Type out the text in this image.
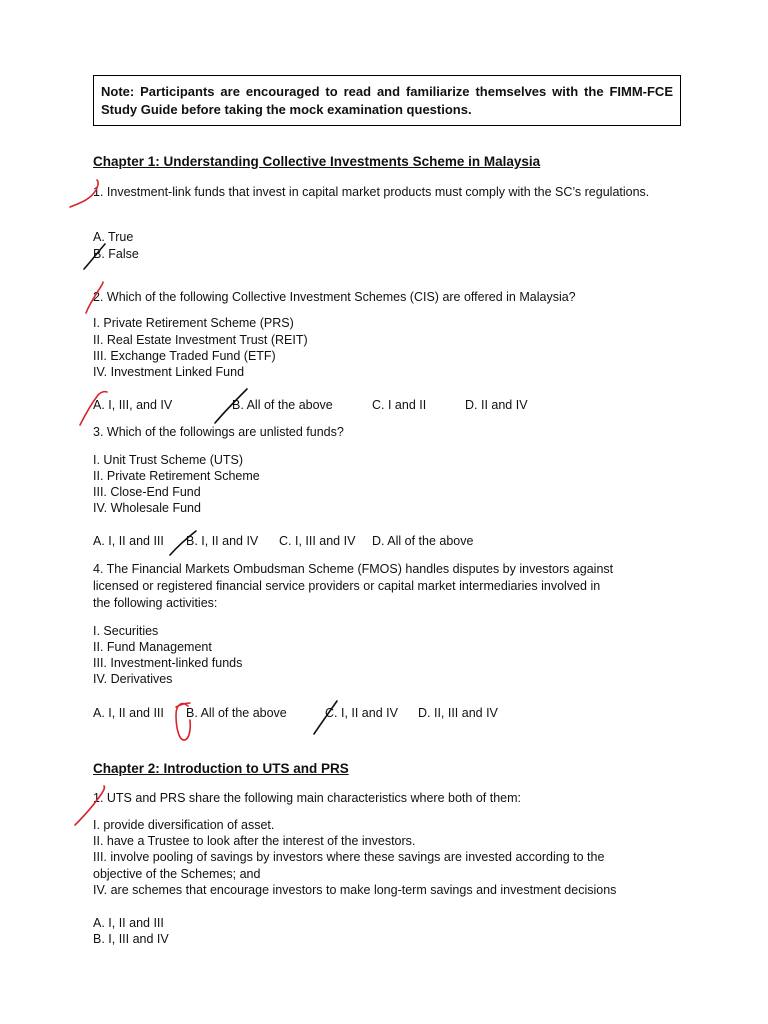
Note: Participants are encouraged to read and familiarize themselves with the FIMM-FCE Study Guide before taking the mock examination questions.
Chapter 1: Understanding Collective Investments Scheme in Malaysia
1. Investment-link funds that invest in capital market products must comply with the SC’s regulations.
A. True
B. False
2. Which of the following Collective Investment Schemes (CIS) are offered in Malaysia?
I. Private Retirement Scheme (PRS)
II. Real Estate Investment Trust (REIT)
III. Exchange Traded Fund (ETF)
IV. Investment Linked Fund
A. I, III, and IV	B. All of the above	C. I and II	D. II and IV
3. Which of the followings are unlisted funds?
I. Unit Trust Scheme (UTS)
II. Private Retirement Scheme
III. Close-End Fund
IV. Wholesale Fund
A. I, II and III B. I, II and IV C. I, III and IV D. All of the above
4. The Financial Markets Ombudsman Scheme (FMOS) handles disputes by investors against
licensed or registered financial service providers or capital market intermediaries involved in
the following activities:
I. Securities
II. Fund Management
III. Investment-linked funds
IV. Derivatives
A. I, II and III B. All of the above	C. I, II and IV D. II, III and IV
Chapter 2: Introduction to UTS and PRS
1. UTS and PRS share the following main characteristics where both of them:
I. provide diversification of asset.
II. have a Trustee to look after the interest of the investors.
III. involve pooling of savings by investors where these savings are invested according to the
objective of the Schemes; and
IV. are schemes that encourage investors to make long-term savings and investment decisions
A. I, II and III
B. I, III and IV
